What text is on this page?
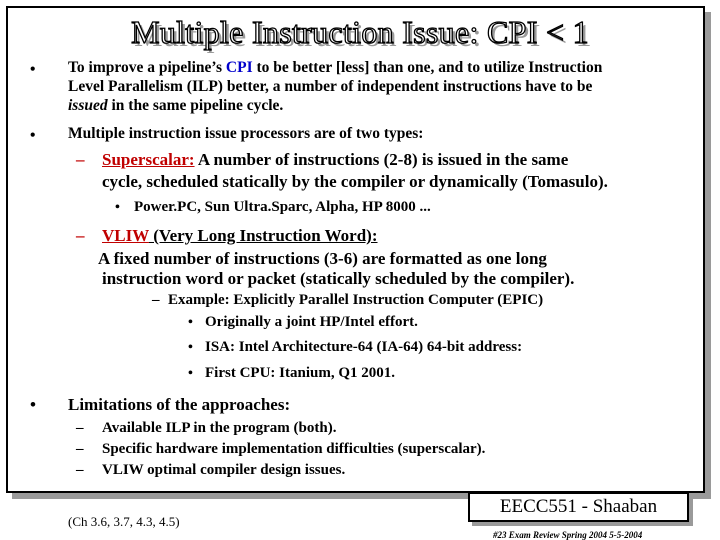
Multiple Instruction Issue: CPI < 1
• To improve a pipeline’s CPI to be better [less] than one, and to utilize Instruction
Level Parallelism (ILP) better, a number of independent instructions have to be
issued in the same pipeline cycle.
• Multiple instruction issue processors are of two types:
– Superscalar: A number of instructions (2-8) is issued in the same
cycle, scheduled statically by the compiler or dynamically (Tomasulo).
• Power.PC, Sun Ultra.Sparc, Alpha, HP 8000 ...
– VLIW (Very Long Instruction Word):
A fixed number of instructions (3-6) are formatted as one long
instruction word or packet (statically scheduled by the compiler).
– Example: Explicitly Parallel Instruction Computer (EPIC)
• Originally a joint HP/Intel effort.
• ISA: Intel Architecture-64 (IA-64) 64-bit address:
• First CPU: Itanium, Q1 2001.
• Limitations of the approaches:
– Available ILP in the program (both).
– Specific hardware implementation difficulties (superscalar).
– VLIW optimal compiler design issues.
(Ch 3.6, 3.7, 4.3, 4.5)
EECC551 - Shaaban
#23 Exam Review Spring 2004 5-5-2004
